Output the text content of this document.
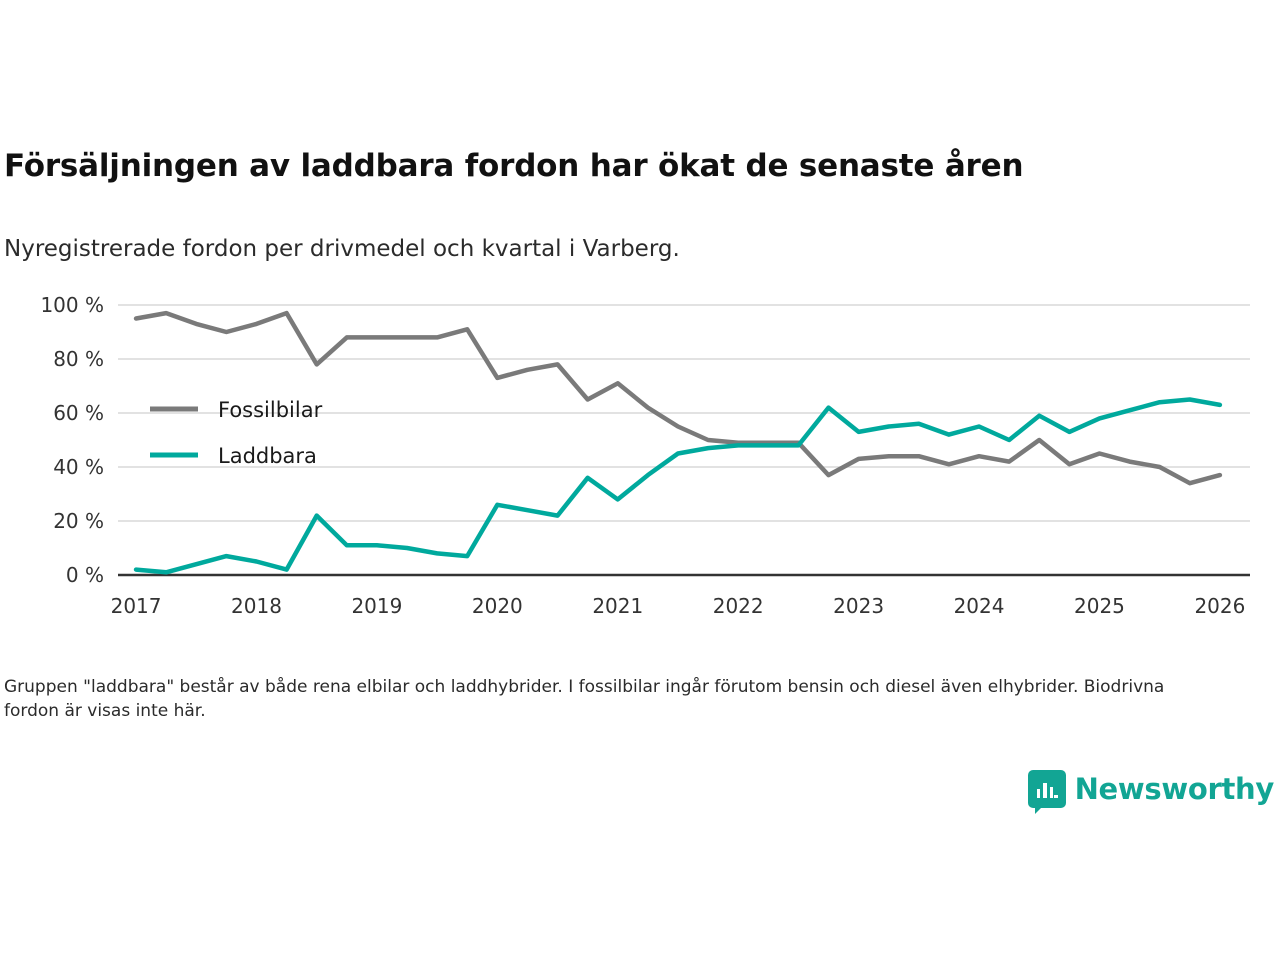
Försäljningen av laddbara fordon har ökat de senaste åren
Nyregistrerade fordon per drivmedel och kvartal i Varberg.
0 %
20 %
40 %
60 %
80 %
100 %
2017	2018	2019	2020	2021	2022	2023	2024	2025	2026
Fossilbilar
Laddbara
Gruppen "laddbara" består av både rena elbilar och laddhybrider. I fossilbilar ingår förutom bensin och diesel även elhybrider. Biodrivna fordon är visas inte här.
Newsworthy
